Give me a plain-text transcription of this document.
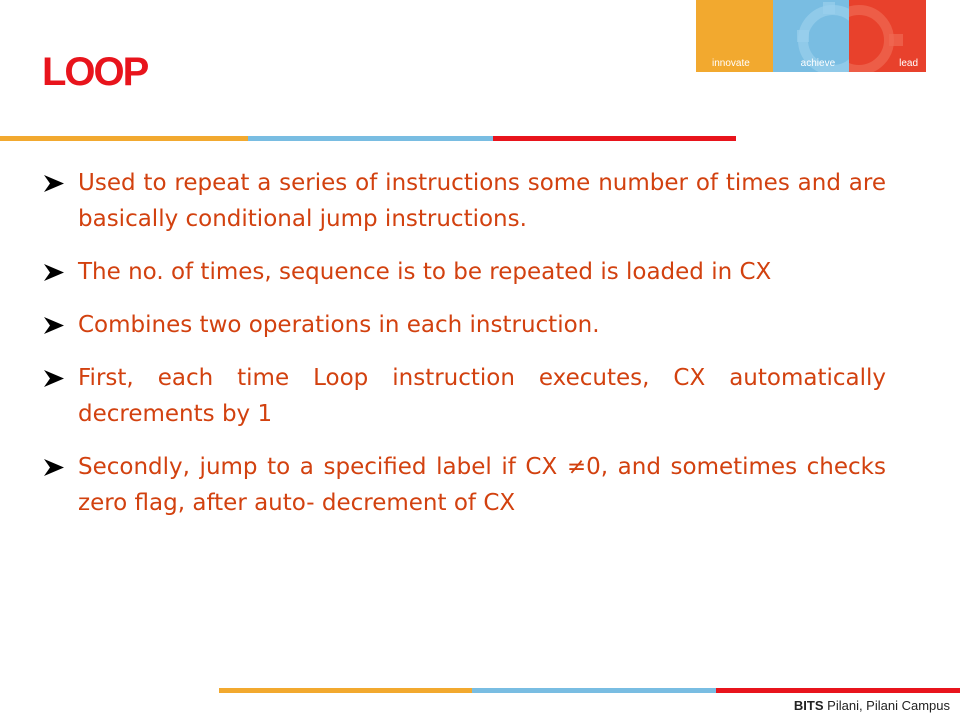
innovate	achieve	lead
LOOP
Used to repeat a series of instructions some number of times and are basically conditional jump instructions.
The no. of times, sequence is to be repeated is loaded in CX
Combines two operations in each instruction.
First, each time Loop instruction executes, CX automatically decrements by 1
Secondly, jump to a specified label if CX ≠0, and sometimes checks zero flag, after auto- decrement of CX
BITS Pilani, Pilani Campus
